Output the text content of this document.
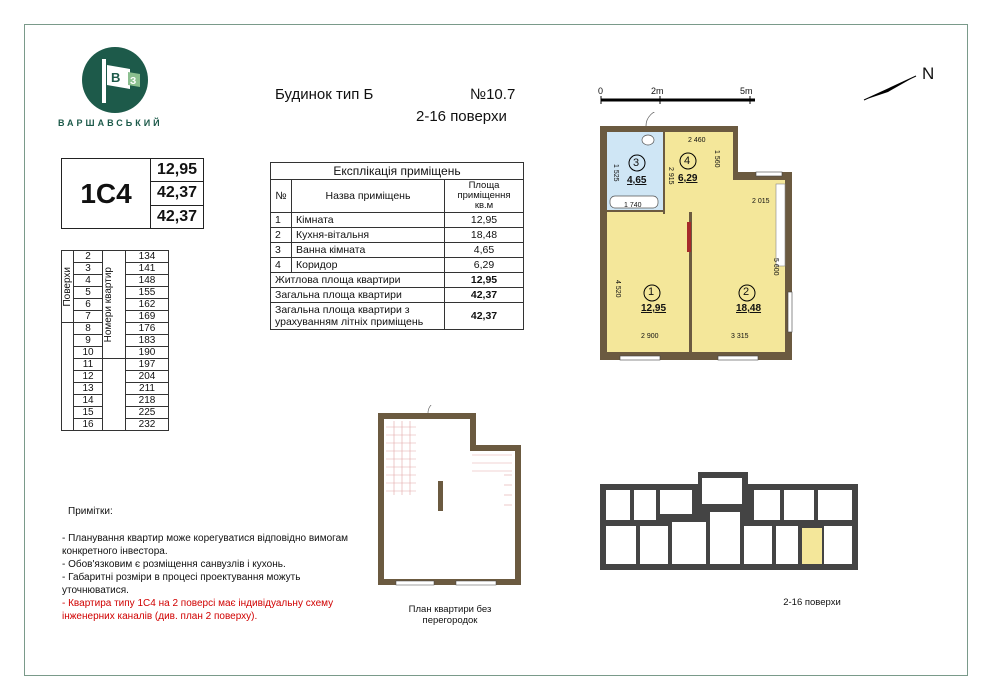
В З
ВАРШАВСЬКИЙ
Будинок тип Б	№10.7
2-16 поверхи
1С4	12,95
42,37
42,37
Поверхи	2	Номери квартир	134
	3		141
	4		148
	5		155
	6		162
	7		169
	8		176
	9		183
	10		190
	11		197
	12		204
	13		211
	14		218
	15		225
	16		232
Експлікація приміщень		
№	Назва приміщень	Площа приміщення кв.м
1	Кімната	12,95
2	Кухня-вітальня	18,48
3	Ванна кімната	4,65
4	Коридор	6,29
Житлова площа квартири		12,95
Загальна площа квартири		42,37
Загальна площа квартири з урахуванням літніх приміщень		42,37
Примітки:
- Планування квартир може корегуватися відповідно вимогам конкретного інвестора.
- Обов'язковим є розміщення санвузлів і кухонь.
- Габаритні розміри в процесі проектування можуть уточнюватися.
- Квартира типу 1С4 на 2 поверсі має індивідуальну схему інженерних каналів (див. план 2 поверху).
0	2m	5m
N
3
4,65
4
6,29
1
12,95
2
18,48
2 460
1 560
2 915
1 525
1 740
2 015
4 520
5 600
2 900	3 315
План квартири без перегородок
2-16 поверхи
